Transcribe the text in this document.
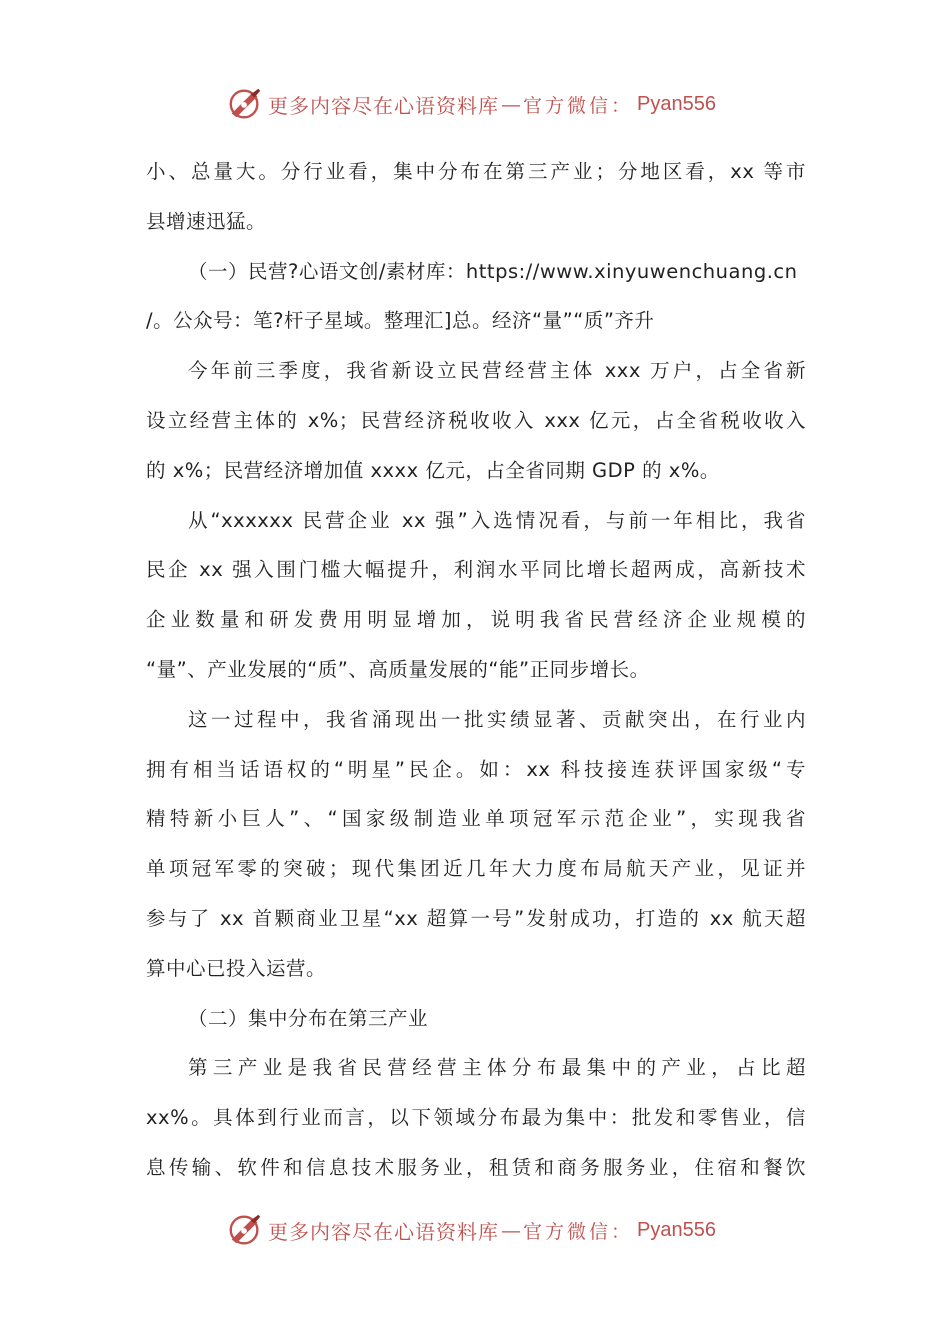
更多内容尽在心语资料库 — 官方微信： Pyan556
小、总量大。分行业看，集中分布在第三产业；分地区看，xx 等市
县增速迅猛。
（一）民营?心语文创/素材库：https://www.xinyuwenchuang.cn
/。公众号：笔?杆子星域。整理汇]总。经济“量”“质”齐升
今年前三季度，我省新设立民营经营主体 xxx 万户，占全省新
设立经营主体的 x%；民营经济税收收入 xxx 亿元，占全省税收收入
的 x%；民营经济增加值 xxxx 亿元，占全省同期 GDP 的 x%。
从“xxxxxx 民营企业 xx 强”入选情况看，与前一年相比，我省
民企 xx 强入围门槛大幅提升，利润水平同比增长超两成，高新技术
企业数量和研发费用明显增加，说明我省民营经济企业规模的
“量”、产业发展的“质”、高质量发展的“能”正同步增长。
这一过程中，我省涌现出一批实绩显著、贡献突出，在行业内
拥有相当话语权的“明星”民企。如：xx 科技接连获评国家级“专
精特新小巨人”、“国家级制造业单项冠军示范企业”，实现我省
单项冠军零的突破；现代集团近几年大力度布局航天产业，见证并
参与了 xx 首颗商业卫星“xx 超算一号”发射成功，打造的 xx 航天超
算中心已投入运营。
（二）集中分布在第三产业
第三产业是我省民营经营主体分布最集中的产业，占比超
xx%。具体到行业而言，以下领域分布最为集中：批发和零售业，信
息传输、软件和信息技术服务业，租赁和商务服务业，住宿和餐饮
更多内容尽在心语资料库 — 官方微信： Pyan556
